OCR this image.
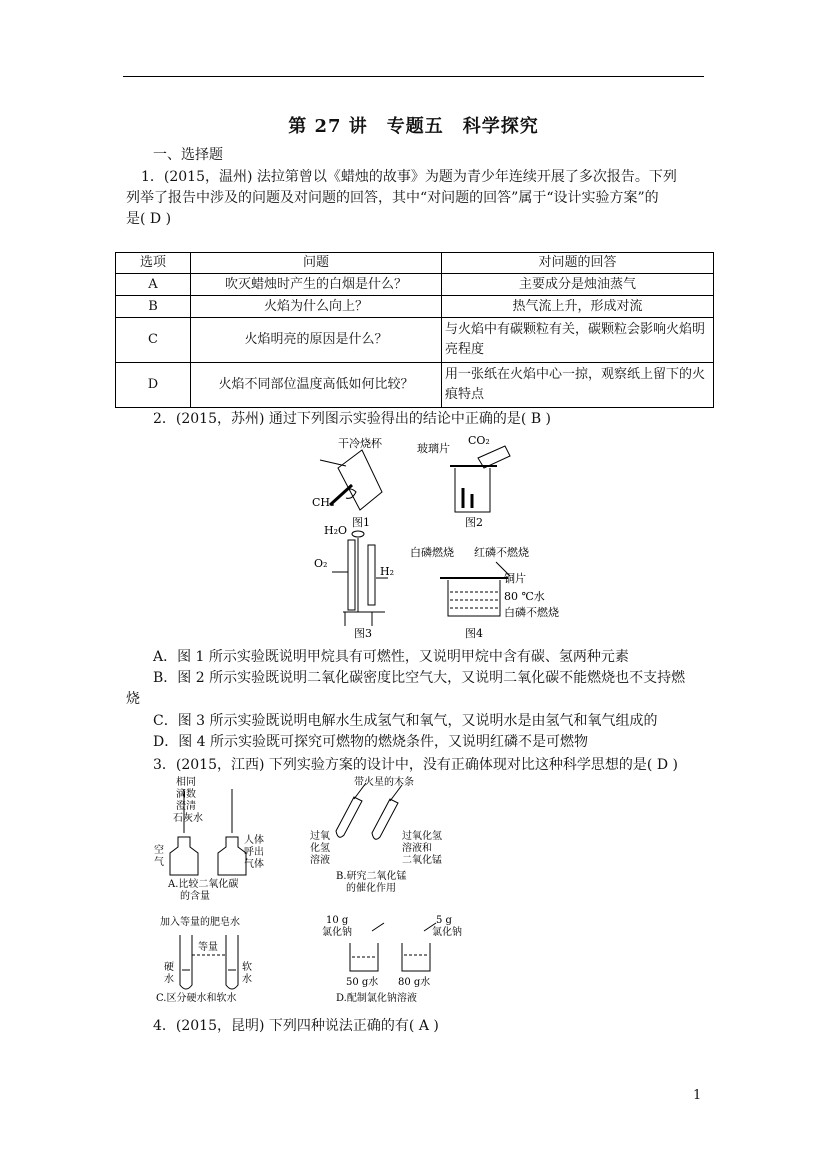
第 27 讲　专题五　科学探究
一、选择题
1．(2015，温州) 法拉第曾以《蜡烛的故事》为题为青少年连续开展了多次报告。下列
列举了报告中涉及的问题及对问题的回答，其中“对问题的回答”属于“设计实验方案”的
是( D )
选项	问题	对问题的回答
A	吹灭蜡烛时产生的白烟是什么？	主要成分是烛油蒸气
B	火焰为什么向上？	热气流上升，形成对流
C	火焰明亮的原因是什么？	与火焰中有碳颗粒有关，碳颗粒会影响火焰明亮程度
D	火焰不同部位温度高低如何比较？	用一张纸在火焰中心一掠，观察纸上留下的火痕特点
2．(2015，苏州) 通过下列图示实验得出的结论中正确的是( B )
干冷烧杯
CH₄
图1
玻璃片
CO₂
图2
H₂O
O₂
H₂
图3
白磷燃烧 红磷不燃烧
铜片
80 ℃水
白磷不燃烧
图4
A．图 1 所示实验既说明甲烷具有可燃性，又说明甲烷中含有碳、氢两种元素
B．图 2 所示实验既说明二氧化碳密度比空气大，又说明二氧化碳不能燃烧也不支持燃
烧
C．图 3 所示实验既说明电解水生成氢气和氧气，又说明水是由氢气和氧气组成的
D．图 4 所示实验既可探究可燃物的燃烧条件，又说明红磷不是可燃物
3．(2015，江西) 下列实验方案的设计中，没有正确体现对比这种科学思想的是( D )
相同
滴数
澄清
石灰水
空
气
人体
呼出
气体
A.比较二氧化碳
的含量
带火星的木条
过氧
化氢
溶液
过氧化氢
溶液和
二氧化锰
B.研究二氧化锰
的催化作用
加入等量的肥皂水
等量
硬
水
软
水
C.区分硬水和软水
10 g
氯化钠
5 g
氯化钠
50 g水 80 g水
D.配制氯化钠溶液
4．(2015，昆明) 下列四种说法正确的有( A )
1
